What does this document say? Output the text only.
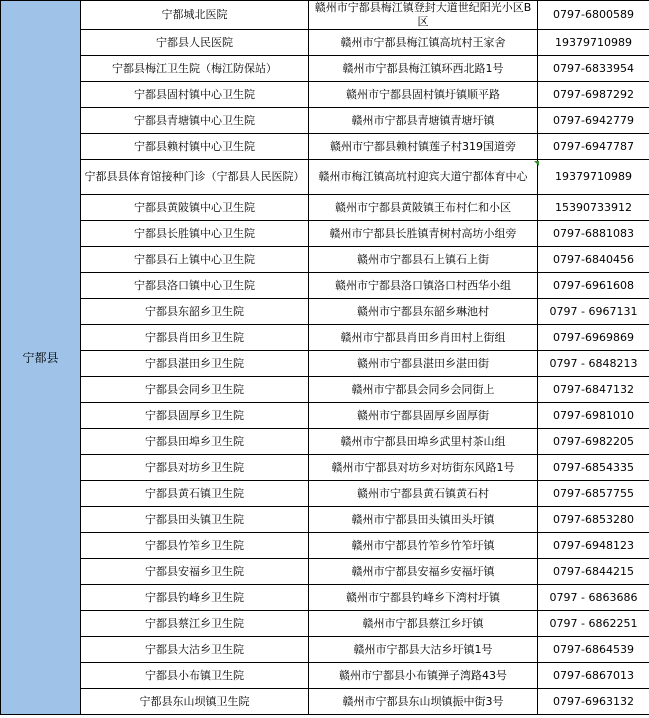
宁都县	宁都城北医院	赣州市宁都县梅江镇登封大道世纪阳光小区B区	0797-6800589
	宁都县人民医院	赣州市宁都县梅江镇高坑村王家舍	19379710989
	宁都县梅江卫生院（梅江防保站）	赣州市宁都县梅江镇环西北路1号	0797-6833954
	宁都县固村镇中心卫生院	赣州市宁都县固村镇圩镇顺平路	0797-6987292
	宁都县青塘镇中心卫生院	赣州市宁都县青塘镇青塘圩镇	0797-6942779
	宁都县赖村镇中心卫生院	赣州市宁都县赖村镇莲子村319国道旁	0797-6947787
	宁都县县体育馆接种门诊（宁都县人民医院）	赣州市梅江镇高坑村迎宾大道宁都体育中心	19379710989
	宁都县黄陂镇中心卫生院	赣州市宁都县黄陂镇王布村仁和小区	15390733912
	宁都县长胜镇中心卫生院	赣州市宁都县长胜镇青树村高坊小组旁	0797-6881083
	宁都县石上镇中心卫生院	赣州市宁都县石上镇石上街	0797-6840456
	宁都县洛口镇中心卫生院	赣州市宁都县洛口镇洛口村西华小组	0797-6961608
	宁都县东韶乡卫生院	赣州市宁都县东韶乡琳池村	0797 - 6967131
	宁都县肖田乡卫生院	赣州市宁都县肖田乡肖田村上街组	0797-6969869
	宁都县湛田乡卫生院	赣州市宁都县湛田乡湛田街	0797 - 6848213
	宁都县会同乡卫生院	赣州市宁都县会同乡会同街上	0797-6847132
	宁都县固厚乡卫生院	赣州市宁都县固厚乡固厚街	0797-6981010
	宁都县田埠乡卫生院	赣州市宁都县田埠乡武里村茶山组	0797-6982205
	宁都县对坊乡卫生院	赣州市宁都县对坊乡对坊街东风路1号	0797-6854335
	宁都县黄石镇卫生院	赣州市宁都县黄石镇黄石村	0797-6857755
	宁都县田头镇卫生院	赣州市宁都县田头镇田头圩镇	0797-6853280
	宁都县竹笮乡卫生院	赣州市宁都县竹笮乡竹笮圩镇	0797-6948123
	宁都县安福乡卫生院	赣州市宁都县安福乡安福圩镇	0797-6844215
	宁都县钓峰乡卫生院	赣州市宁都县钓峰乡下湾村圩镇	0797 - 6863686
	宁都县蔡江乡卫生院	赣州市宁都县蔡江乡圩镇	0797 - 6862251
	宁都县大沽乡卫生院	赣州市宁都县大沽乡圩镇1号	0797-6864539
	宁都县小布镇卫生院	赣州市宁都县小布镇弹子湾路43号	0797-6867013
	宁都县东山坝镇卫生院	赣州市宁都县东山坝镇振中街3号	0797-6963132
